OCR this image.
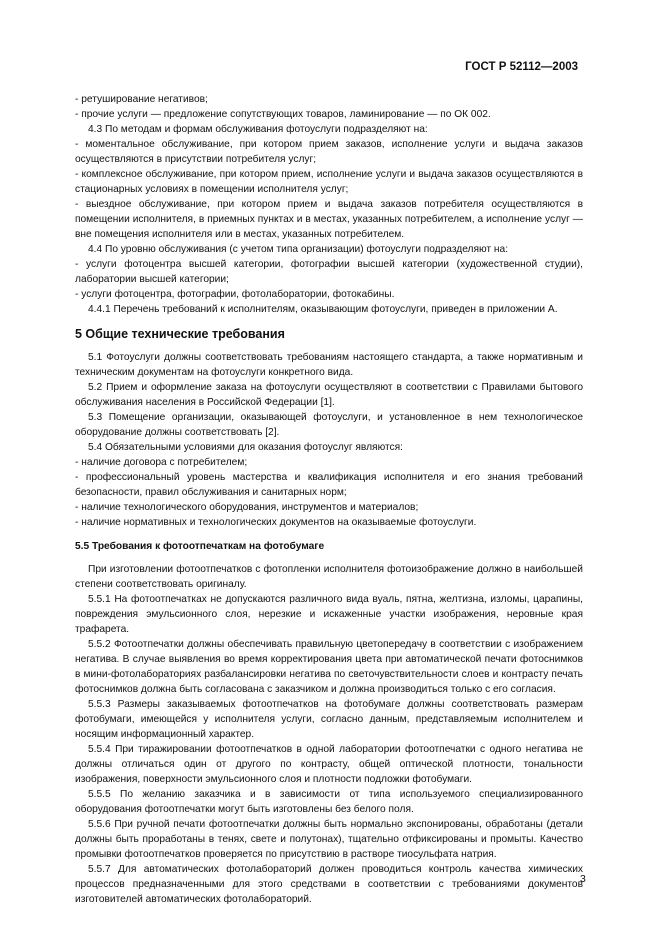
ГОСТ Р 52112—2003

- ретуширование негативов;

- прочие услуги — предложение сопутствующих товаров, ламинирование — по ОК 002.

4.3 По методам и формам обслуживания фотоуслуги подразделяют на:

- моментальное обслуживание, при котором прием заказов, исполнение услуги и выдача заказов осуществляются в присутствии потребителя услуг;

- комплексное обслуживание, при котором прием, исполнение услуги и выдача заказов осуществляются в стационарных условиях в помещении исполнителя услуг;

- выездное обслуживание, при котором прием и выдача заказов потребителя осуществляются в помещении исполнителя, в приемных пунктах и в местах, указанных потребителем, а исполнение услуг — вне помещения исполнителя или в местах, указанных потребителем.

4.4 По уровню обслуживания (с учетом типа организации) фотоуслуги подразделяют на:

- услуги фотоцентра высшей категории, фотографии высшей категории (художественной студии), лаборатории высшей категории;

- услуги фотоцентра, фотографии, фотолаборатории, фотокабины.

4.4.1 Перечень требований к исполнителям, оказывающим фотоуслуги, приведен в приложении А.

5 Общие технические требования

5.1 Фотоуслуги должны соответствовать требованиям настоящего стандарта, а также нормативным и техническим документам на фотоуслуги конкретного вида.

5.2 Прием и оформление заказа на фотоуслуги осуществляют в соответствии с Правилами бытового обслуживания населения в Российской Федерации [1].

5.3 Помещение организации, оказывающей фотоуслуги, и установленное в нем технологическое оборудование должны соответствовать [2].

5.4 Обязательными условиями для оказания фотоуслуг являются:

- наличие договора с потребителем;

- профессиональный уровень мастерства и квалификация исполнителя и его знания требований безопасности, правил обслуживания и санитарных норм;

- наличие технологического оборудования, инструментов и материалов;

- наличие нормативных и технологических документов на оказываемые фотоуслуги.

5.5 Требования к фотоотпечаткам на фотобумаге

При изготовлении фотоотпечатков с фотопленки исполнителя фотоизображение должно в наибольшей степени соответствовать оригиналу.

5.5.1 На фотоотпечатках не допускаются различного вида вуаль, пятна, желтизна, изломы, царапины, повреждения эмульсионного слоя, нерезкие и искаженные участки изображения, неровные края трафарета.

5.5.2 Фотоотпечатки должны обеспечивать правильную цветопередачу в соответствии с изображением негатива. В случае выявления во время корректирования цвета при автоматической печати фотоснимков в мини-фотолабораториях разбалансировки негатива по светочувствительности слоев и контрасту печать фотоснимков должна быть согласована с заказчиком и должна производиться только с его согласия.

5.5.3 Размеры заказываемых фотоотпечатков на фотобумаге должны соответствовать размерам фотобумаги, имеющейся у исполнителя услуги, согласно данным, представляемым исполнителем и носящим информационный характер.

5.5.4 При тиражировании фотоотпечатков в одной лаборатории фотоотпечатки с одного негатива не должны отличаться один от другого по контрасту, общей оптической плотности, тональности изображения, поверхности эмульсионного слоя и плотности подложки фотобумаги.

5.5.5 По желанию заказчика и в зависимости от типа используемого специализированного оборудования фотоотпечатки могут быть изготовлены без белого поля.

5.5.6 При ручной печати фотоотпечатки должны быть нормально экспонированы, обработаны (детали должны быть проработаны в тенях, свете и полутонах), тщательно отфиксированы и промыты. Качество промывки фотоотпечатков проверяется по присутствию в растворе тиосульфата натрия.

5.5.7 Для автоматических фотолабораторий должен проводиться контроль качества химических процессов предназначенными для этого средствами в соответствии с требованиями документов изготовителей автоматических фотолабораторий.

3
